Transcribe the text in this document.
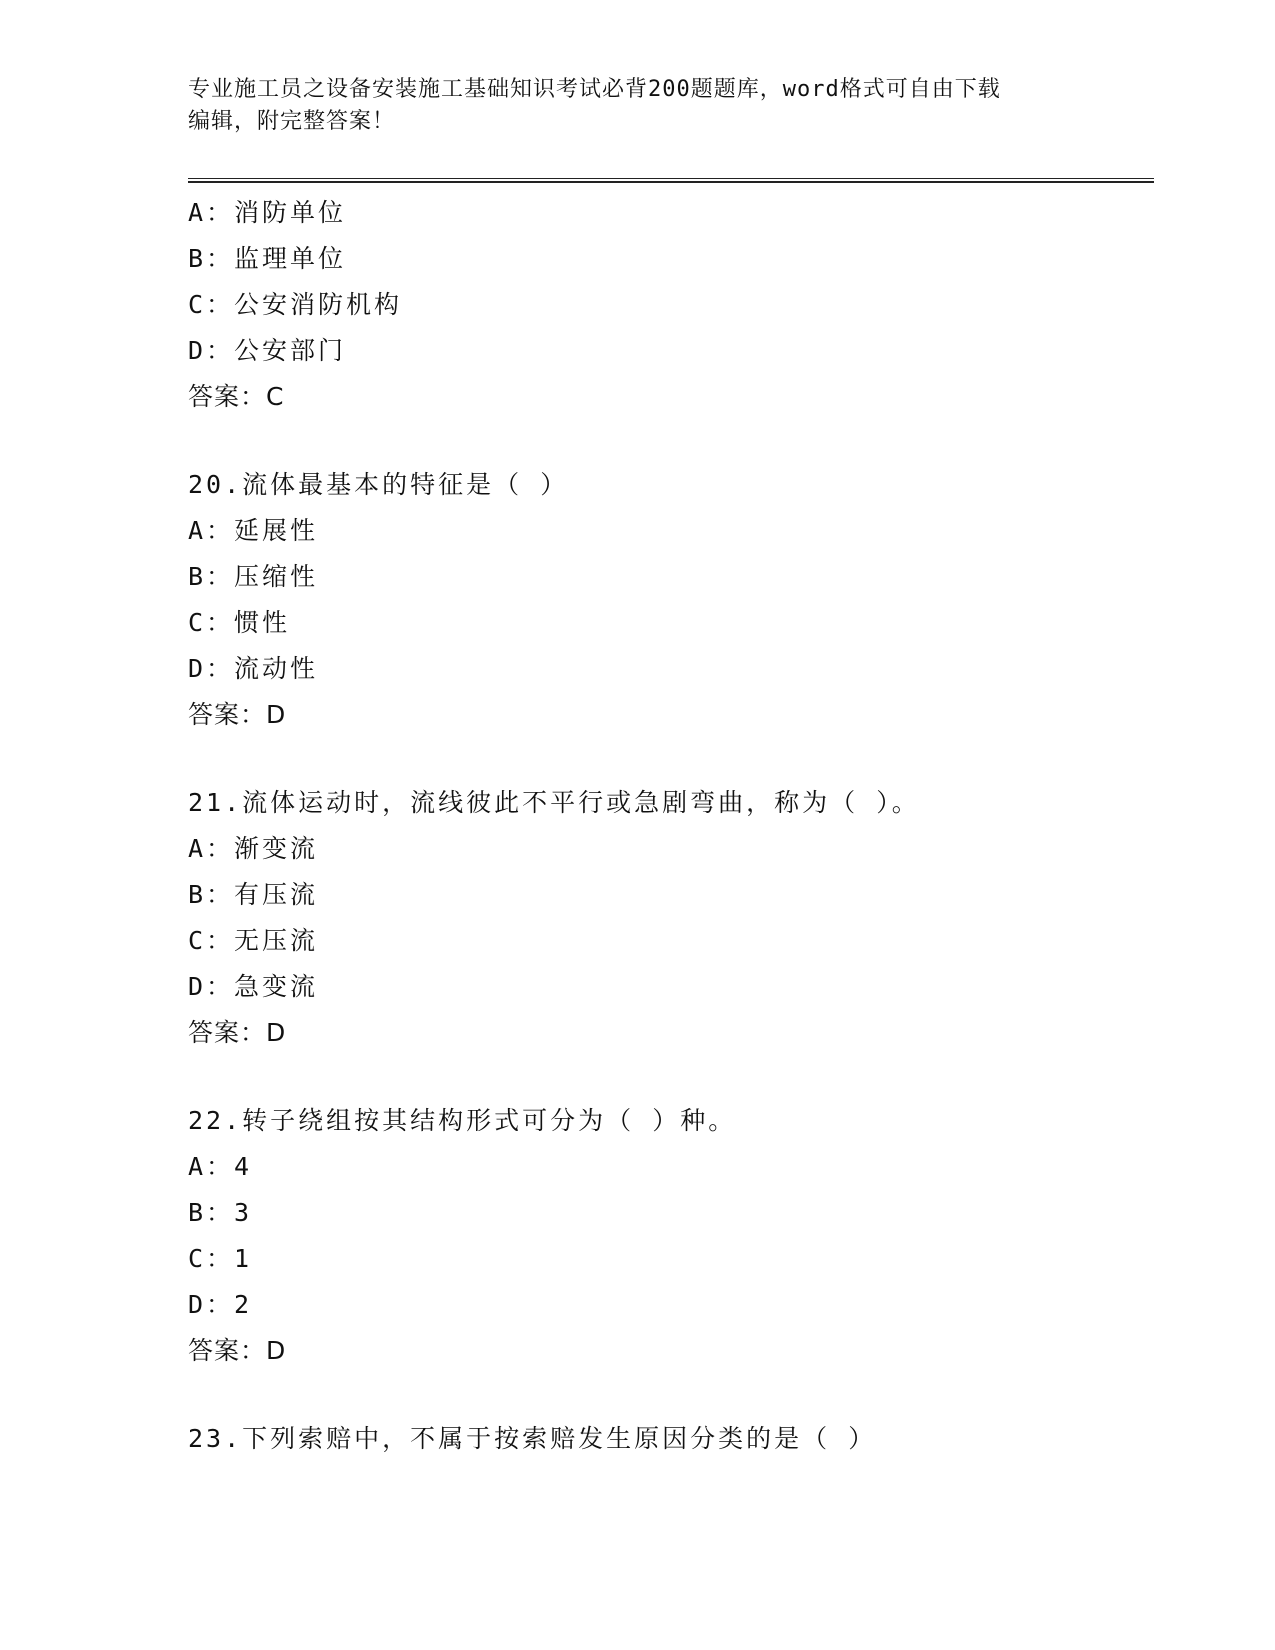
专业施工员之设备安装施工基础知识考试必背200题题库，word格式可自由下载
编辑，附完整答案！
A：消防单位
B：监理单位
C：公安消防机构
D：公安部门
答案：C
20.流体最基本的特征是（ ）
A：延展性
B：压缩性
C：惯性
D：流动性
答案：D
21.流体运动时，流线彼此不平行或急剧弯曲，称为（ ）。
A：渐变流
B：有压流
C：无压流
D：急变流
答案：D
22.转子绕组按其结构形式可分为（ ）种。
A：4
B：3
C：1
D：2
答案：D
23.下列索赔中，不属于按索赔发生原因分类的是（ ）
